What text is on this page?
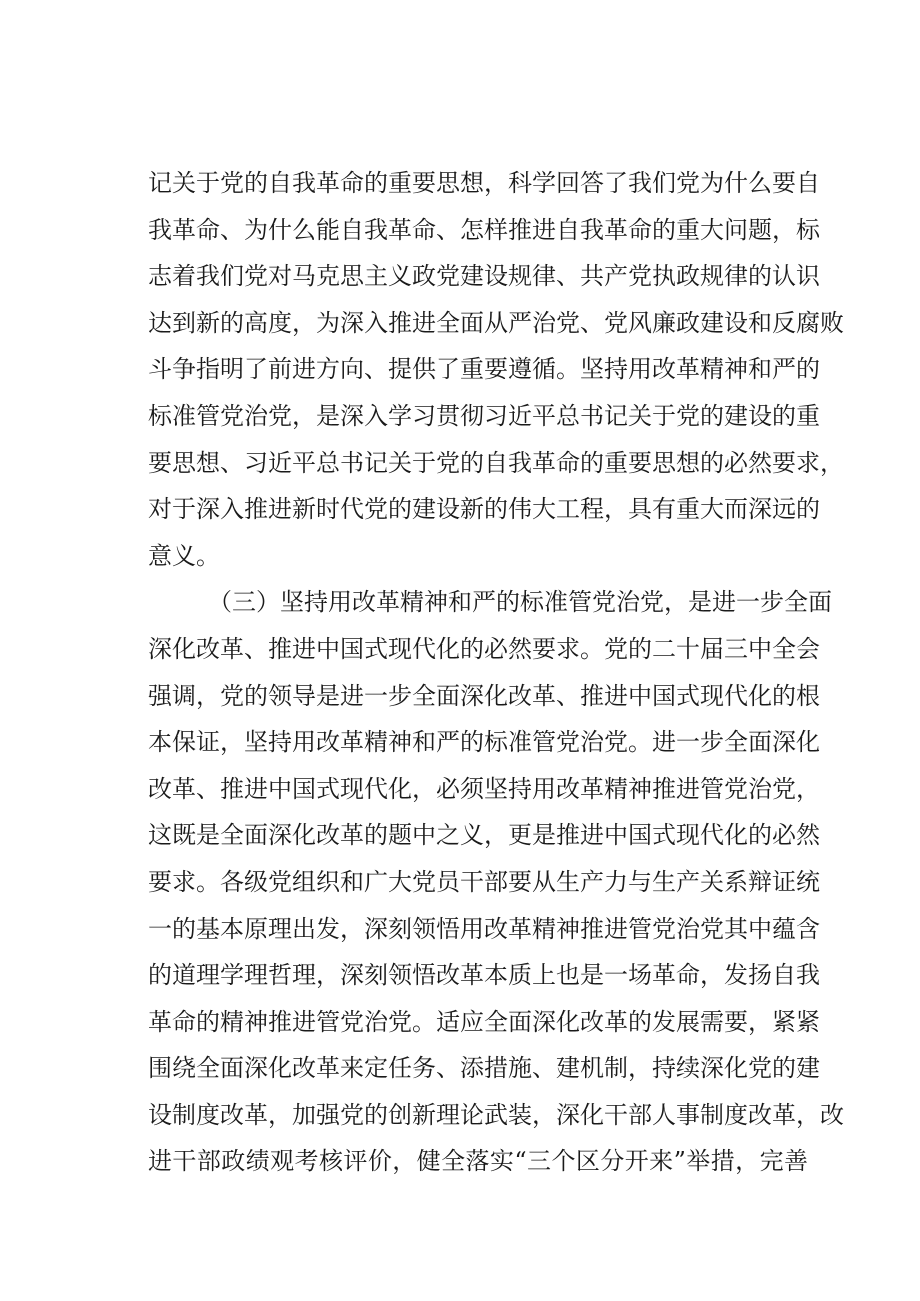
记关于党的自我革命的重要思想，科学回答了我们党为什么要自
我革命、为什么能自我革命、怎样推进自我革命的重大问题，标
志着我们党对马克思主义政党建设规律、共产党执政规律的认识
达到新的高度，为深入推进全面从严治党、党风廉政建设和反腐败
斗争指明了前进方向、提供了重要遵循。坚持用改革精神和严的
标准管党治党，是深入学习贯彻习近平总书记关于党的建设的重
要思想、习近平总书记关于党的自我革命的重要思想的必然要求，
对于深入推进新时代党的建设新的伟大工程，具有重大而深远的
意义。
（三）坚持用改革精神和严的标准管党治党，是进一步全面
深化改革、推进中国式现代化的必然要求。党的二十届三中全会
强调，党的领导是进一步全面深化改革、推进中国式现代化的根
本保证，坚持用改革精神和严的标准管党治党。进一步全面深化
改革、推进中国式现代化，必须坚持用改革精神推进管党治党，
这既是全面深化改革的题中之义，更是推进中国式现代化的必然
要求。各级党组织和广大党员干部要从生产力与生产关系辩证统
一的基本原理出发，深刻领悟用改革精神推进管党治党其中蕴含
的道理学理哲理，深刻领悟改革本质上也是一场革命，发扬自我
革命的精神推进管党治党。适应全面深化改革的发展需要，紧紧
围绕全面深化改革来定任务、添措施、建机制，持续深化党的建
设制度改革，加强党的创新理论武装，深化干部人事制度改革，改
进干部政绩观考核评价，健全落实“三个区分开来”举措，完善
